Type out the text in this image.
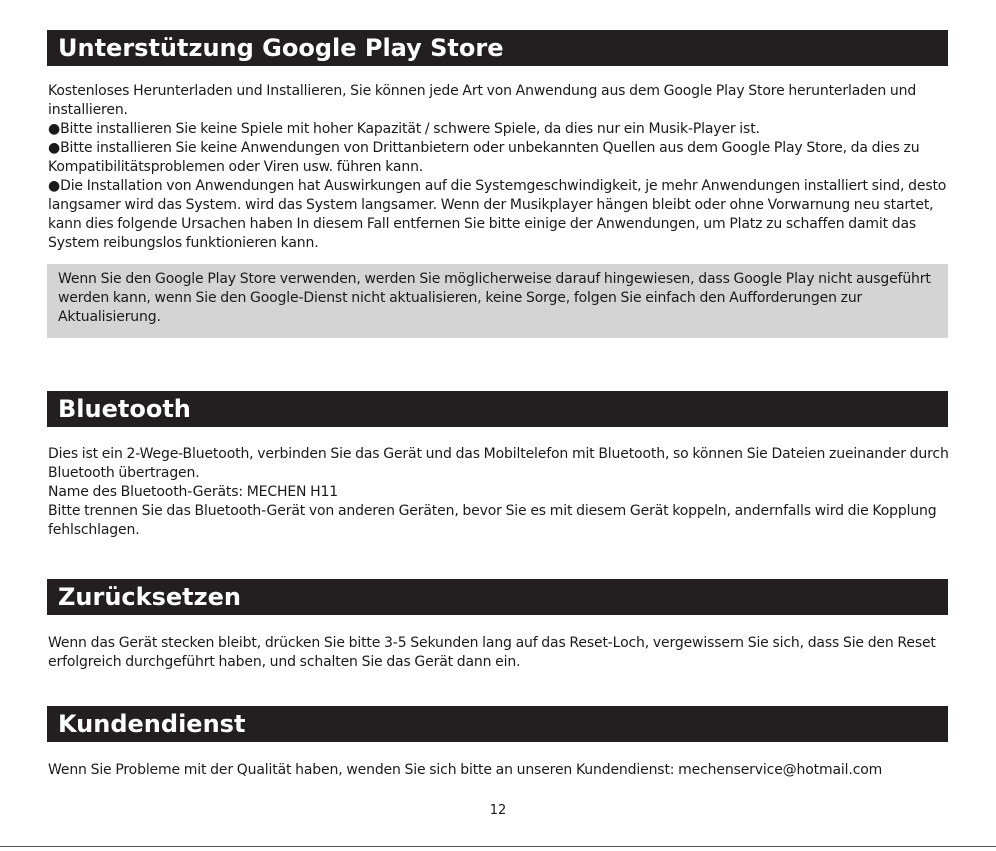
Unterstützung Google Play Store

Kostenloses Herunterladen und Installieren, Sie können jede Art von Anwendung aus dem Google Play Store herunterladen und installieren.

●Bitte installieren Sie keine Spiele mit hoher Kapazität / schwere Spiele, da dies nur ein Musik-Player ist.

●Bitte installieren Sie keine Anwendungen von Drittanbietern oder unbekannten Quellen aus dem Google Play Store, da dies zu Kompatibilitätsproblemen oder Viren usw. führen kann.

●Die Installation von Anwendungen hat Auswirkungen auf die Systemgeschwindigkeit, je mehr Anwendungen installiert sind, desto langsamer wird das System. wird das System langsamer. Wenn der Musikplayer hängen bleibt oder ohne Vorwarnung neu startet, kann dies folgende Ursachen haben In diesem Fall entfernen Sie bitte einige der Anwendungen, um Platz zu schaffen damit das System reibungslos funktionieren kann.

Wenn Sie den Google Play Store verwenden, werden Sie möglicherweise darauf hingewiesen, dass Google Play nicht ausgeführt werden kann, wenn Sie den Google-Dienst nicht aktualisieren, keine Sorge, folgen Sie einfach den Aufforderungen zur Aktualisierung.
Bluetooth

Dies ist ein 2-Wege-Bluetooth, verbinden Sie das Gerät und das Mobiltelefon mit Bluetooth, so können Sie Dateien zueinander durch Bluetooth übertragen.

Name des Bluetooth-Geräts: MECHEN H11

Bitte trennen Sie das Bluetooth-Gerät von anderen Geräten, bevor Sie es mit diesem Gerät koppeln, andernfalls wird die Kopplung fehlschlagen.

Zurücksetzen

Wenn das Gerät stecken bleibt, drücken Sie bitte 3-5 Sekunden lang auf das Reset-Loch, vergewissern Sie sich, dass Sie den Reset erfolgreich durchgeführt haben, und schalten Sie das Gerät dann ein.

Kundendienst

Wenn Sie Probleme mit der Qualität haben, wenden Sie sich bitte an unseren Kundendienst: mechenservice@hotmail.com

12
